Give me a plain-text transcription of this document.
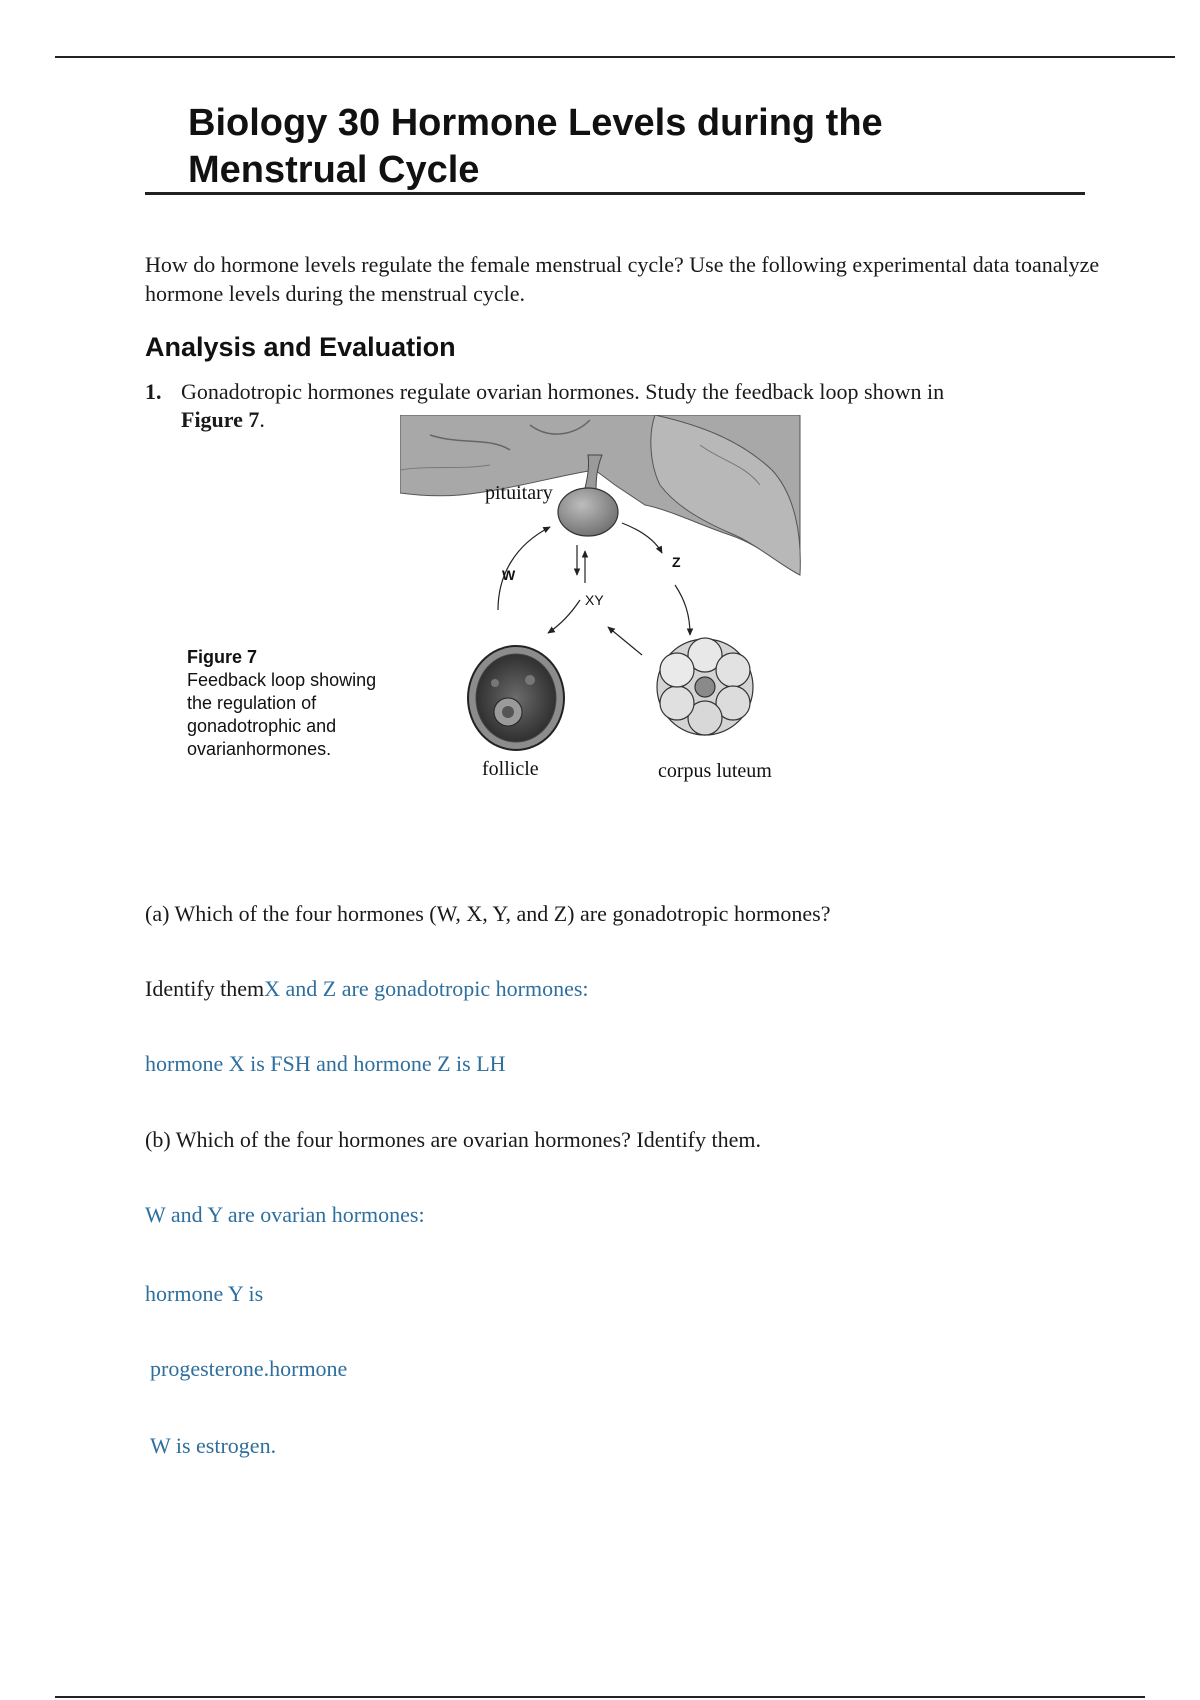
Biology 30 Hormone Levels during the
Menstrual Cycle

How do hormone levels regulate the female menstrual cycle? Use the following experimental data toanalyze hormone levels during the menstrual cycle.

Analysis and Evaluation
1. Gonadotropic hormones regulate ovarian hormones. Study the feedback loop shown in
Figure 7.
Figure 7
Feedback loop showing the regulation of gonadotrophic and ovarianhormones.
pituitary
W
XY
Z
follicle	corpus luteum

(a) Which of the four hormones (W, X, Y, and Z) are gonadotropic hormones?

Identify themX and Z are gonadotropic hormones:

hormone X is FSH and hormone Z is LH

(b) Which of the four hormones are ovarian hormones? Identify them.

W and Y are ovarian hormones:

hormone Y is

progesterone.hormone

W is estrogen.
